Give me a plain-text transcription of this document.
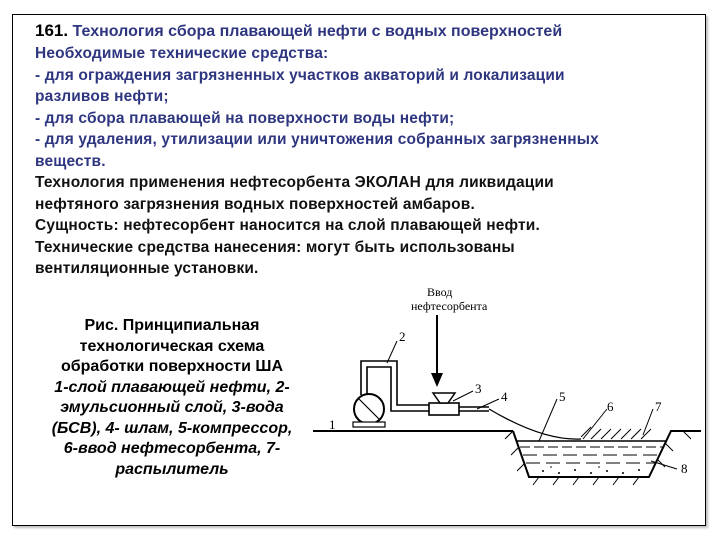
161. Технология сбора плавающей нефти с водных поверхностей
Необходимые технические средства:
- для ограждения загрязненных участков акваторий и локализации
разливов нефти;
- для сбора плавающей на поверхности воды нефти;
- для удаления, утилизации или уничтожения собранных загрязненных
веществ.
Технология применения нефтесорбента ЭКОЛАН для ликвидации
нефтяного загрязнения водных поверхностей амбаров.
Сущность: нефтесорбент наносится на слой плавающей нефти.
Технические средства нанесения: могут быть использованы
вентиляционные установки.
Рис. Принципиальная
технологическая схема
обработки поверхности ША
1-слой плавающей нефти, 2-
эмульсионный слой, 3-вода
(БСВ), 4- шлам, 5-компрессор,
6-ввод нефтесорбента, 7-
распылитель
Ввод
нефтесорбента
1
2
3
4	5
6	7
8
